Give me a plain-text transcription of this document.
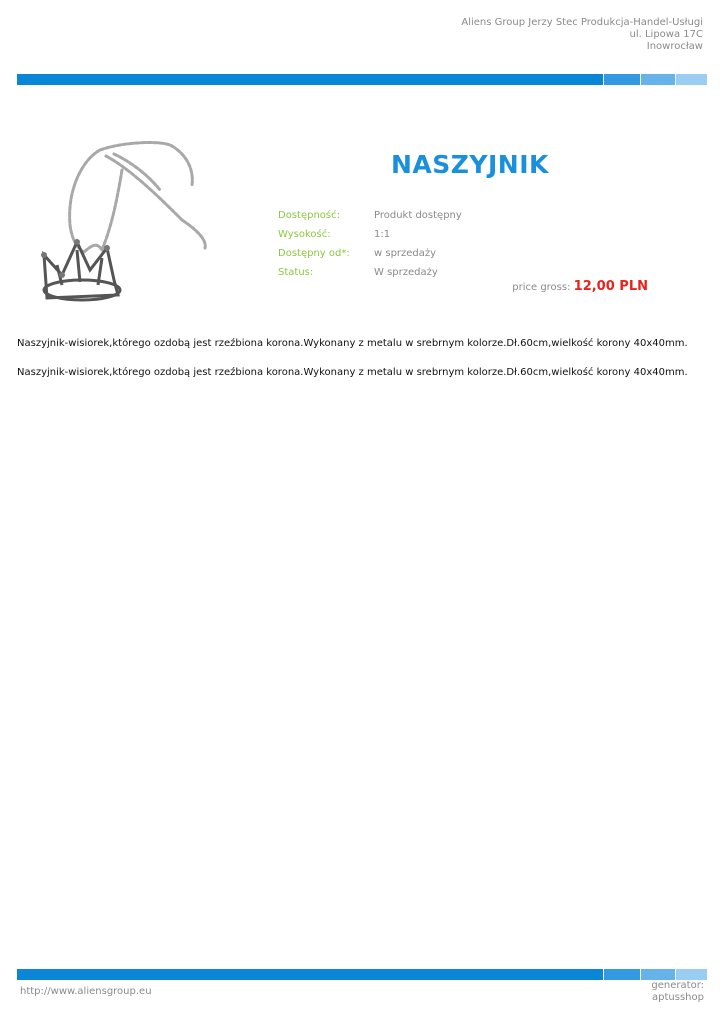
Aliens Group Jerzy Stec Produkcja-Handel-Usługi
ul. Lipowa 17C
Inowrocław
NASZYJNIK
Dostępność:	Produkt dostępny
Wysokość:	1:1
Dostępny od*:	w sprzedaży
Status:	W sprzedaży
price gross: 12,00 PLN
Naszyjnik-wisiorek,którego ozdobą jest rzeźbiona korona.Wykonany z metalu w srebrnym kolorze.Dł.60cm,wielkość korony 40x40mm.
Naszyjnik-wisiorek,którego ozdobą jest rzeźbiona korona.Wykonany z metalu w srebrnym kolorze.Dł.60cm,wielkość korony 40x40mm.
http://www.aliensgroup.eu
generator:
aptusshop
